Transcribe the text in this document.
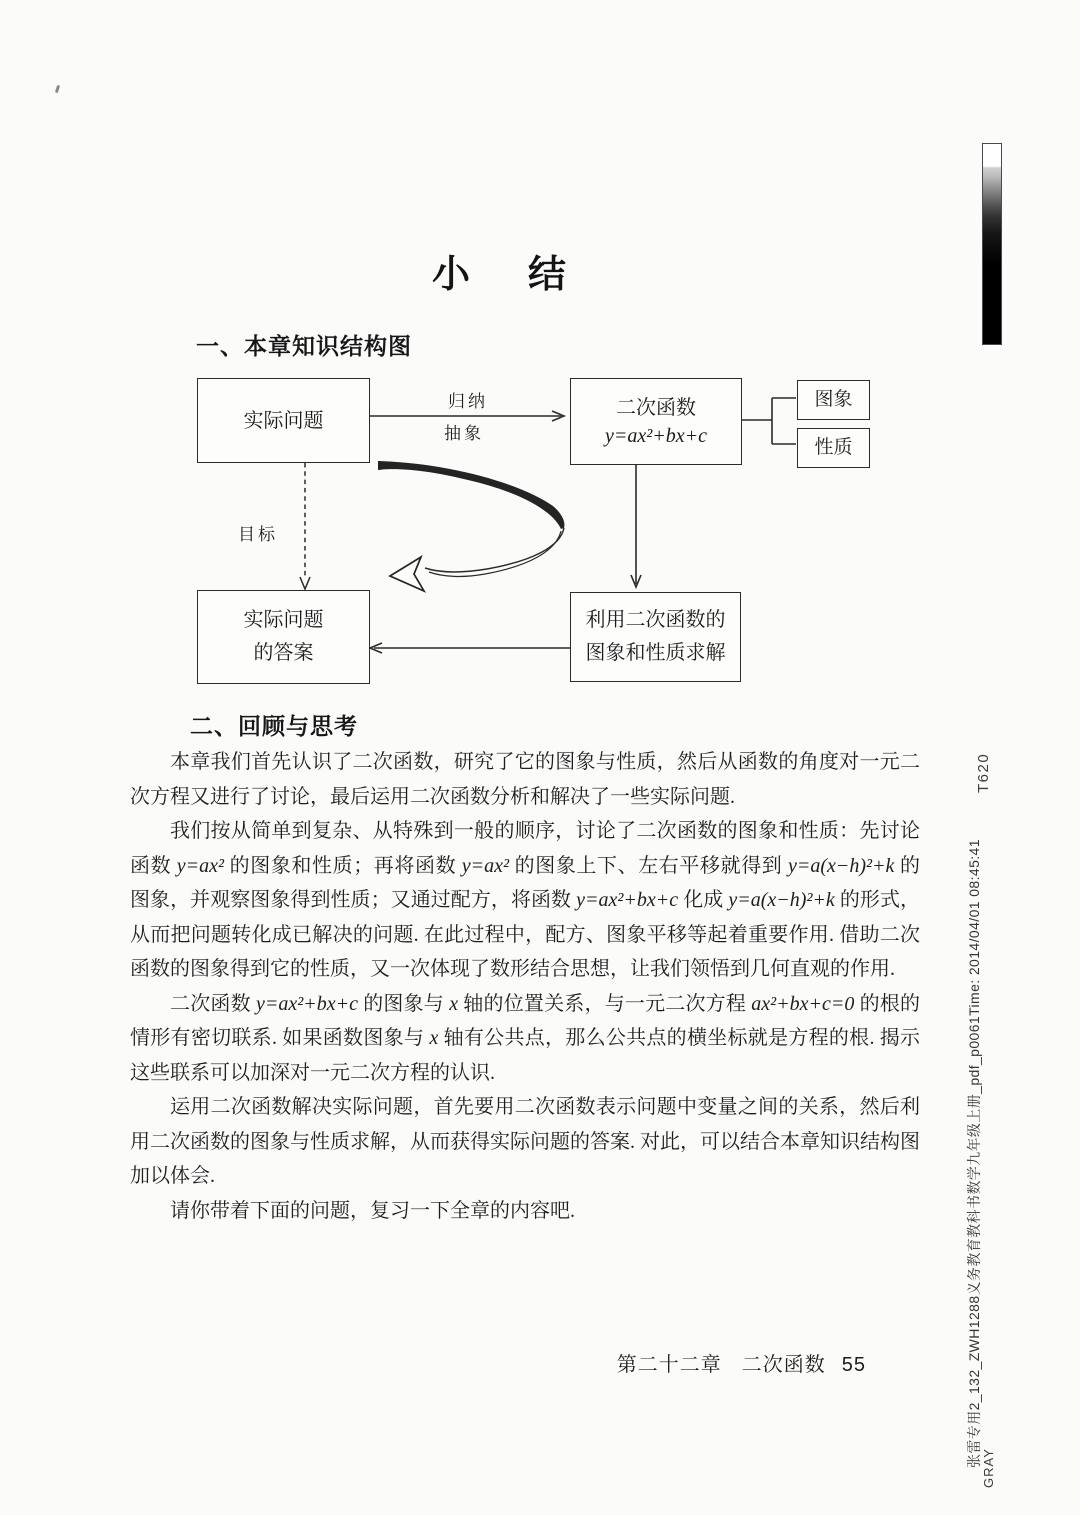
小 结
一、本章知识结构图
实际问题
归纳
抽象
二次函数
y=ax²+bx+c
图象
性质
目标
实际问题
的答案
利用二次函数的
图象和性质求解
二、回顾与思考

本章我们首先认识了二次函数，研究了它的图象与性质，然后从函数的角度对一元二次方程又进行了讨论，最后运用二次函数分析和解决了一些实际问题.

我们按从简单到复杂、从特殊到一般的顺序，讨论了二次函数的图象和性质：先讨论函数 y=ax² 的图象和性质；再将函数 y=ax² 的图象上下、左右平移就得到 y=a(x−h)²+k 的图象，并观察图象得到性质；又通过配方，将函数 y=ax²+bx+c 化成 y=a(x−h)²+k 的形式，从而把问题转化成已解决的问题. 在此过程中，配方、图象平移等起着重要作用. 借助二次函数的图象得到它的性质，又一次体现了数形结合思想，让我们领悟到几何直观的作用.

二次函数 y=ax²+bx+c 的图象与 x 轴的位置关系，与一元二次方程 ax²+bx+c=0 的根的情形有密切联系. 如果函数图象与 x 轴有公共点，那么公共点的横坐标就是方程的根. 揭示这些联系可以加深对一元二次方程的认识.

运用二次函数解决实际问题，首先要用二次函数表示问题中变量之间的关系，然后利用二次函数的图象与性质求解，从而获得实际问题的答案. 对此，可以结合本章知识结构图加以体会.

请你带着下面的问题，复习一下全章的内容吧.

第二十二章 二次函数 55
T620
张雷专用2_132_ZWH1288义务教育教科书数学九年级上册_pdf_p0061Time: 2014/04/01 08:45:41
GRAY
